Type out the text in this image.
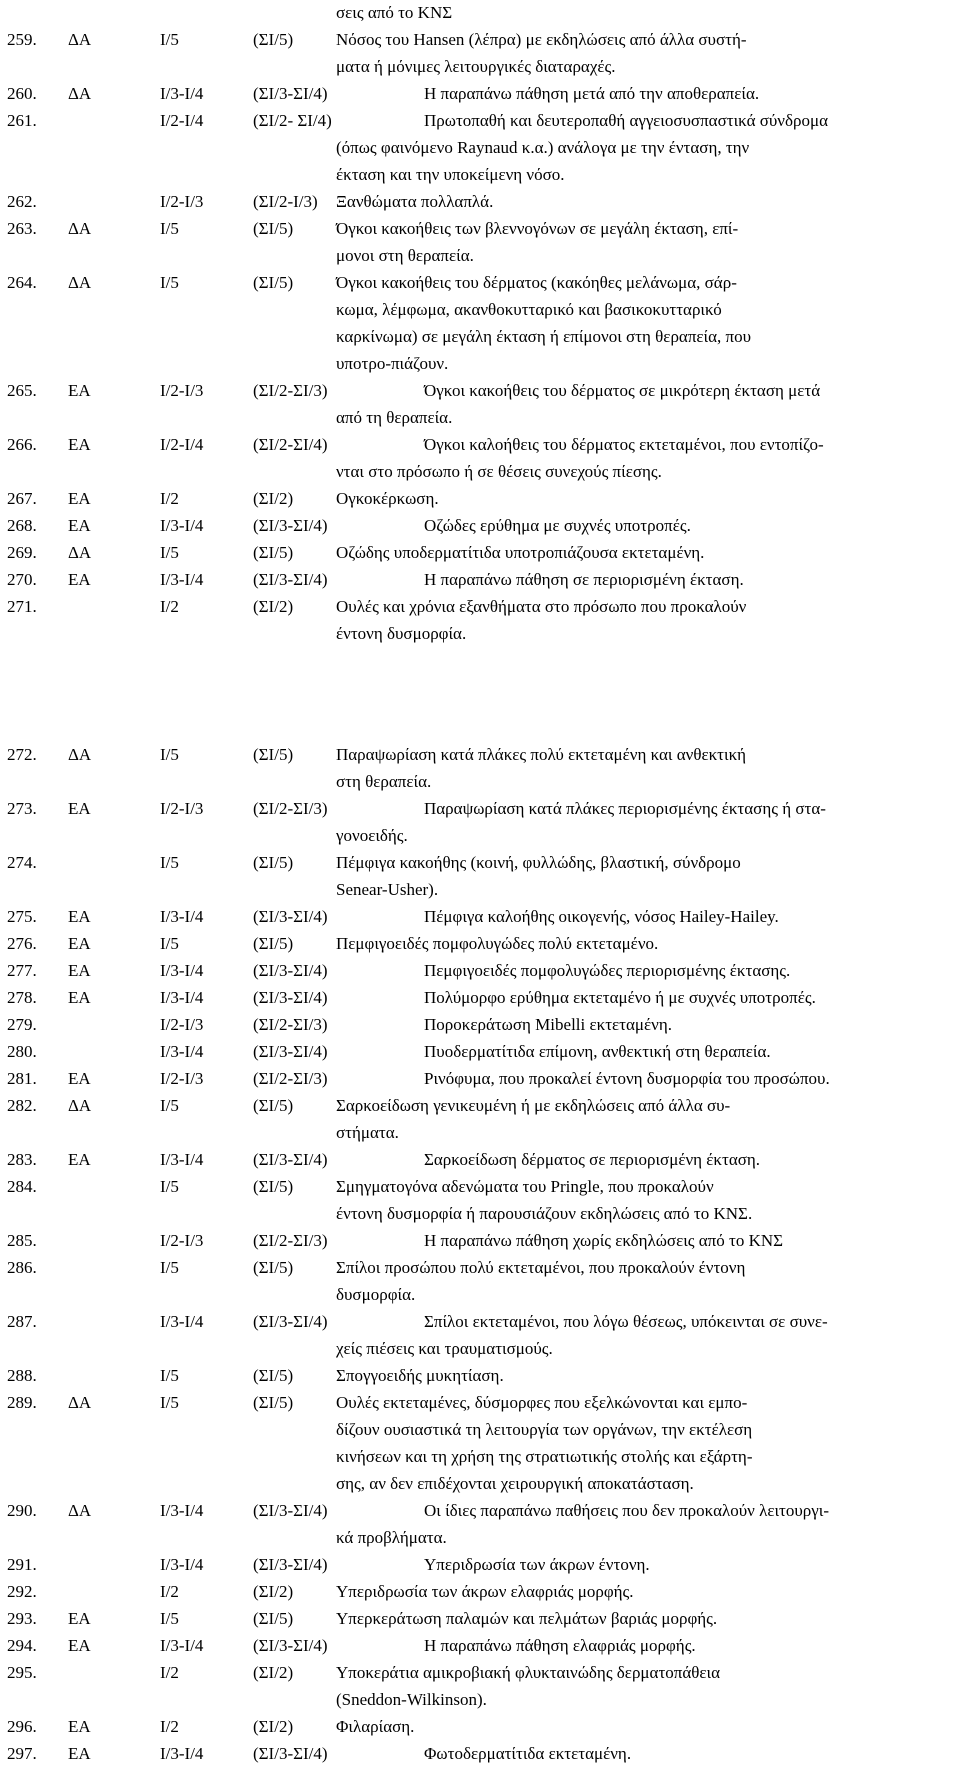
σεις από το ΚΝΣ
259. ΔΑ	Ι/5	(ΣΙ/5)	Νόσος του Hansen (λέπρα) με εκδηλώσεις από άλλα συστή-
ματα ή μόνιμες λειτουργικές διαταραχές.
260. ΔΑ	Ι/3-Ι/4	(ΣΙ/3-ΣΙ/4)	Η παραπάνω πάθηση μετά από την αποθεραπεία.
261.	Ι/2-Ι/4	(ΣΙ/2- ΣΙ/4)	Πρωτοπαθή και δευτεροπαθή αγγειοσυσπαστικά σύνδρομα
(όπως φαινόμενο Raynaud κ.α.) ανάλογα με την ένταση, την
έκταση και την υποκείμενη νόσο.
262.	Ι/2-Ι/3	(ΣΙ/2-Ι/3) Ξανθώματα πολλαπλά.
263. ΔΑ	Ι/5	(ΣΙ/5)	Όγκοι κακοήθεις των βλεννογόνων σε μεγάλη έκταση, επί-
μονοι στη θεραπεία.
264. ΔΑ	Ι/5	(ΣΙ/5)	Όγκοι κακοήθεις του δέρματος (κακόηθες μελάνωμα, σάρ-
κωμα, λέμφωμα, ακανθοκυτταρικό και βασικοκυτταρικό
καρκίνωμα) σε μεγάλη έκταση ή επίμονοι στη θεραπεία, που
υποτρο-πιάζουν.
265. ΕΑ	Ι/2-Ι/3	(ΣΙ/2-ΣΙ/3)	Όγκοι κακοήθεις του δέρματος σε μικρότερη έκταση μετά
από τη θεραπεία.
266. ΕΑ	Ι/2-Ι/4	(ΣΙ/2-ΣΙ/4)	Όγκοι καλοήθεις του δέρματος εκτεταμένοι, που εντοπίζο-
νται στο πρόσωπο ή σε θέσεις συνεχούς πίεσης.
267. ΕΑ	Ι/2	(ΣΙ/2)	Ογκοκέρκωση.
268. ΕΑ	Ι/3-Ι/4	(ΣΙ/3-ΣΙ/4)	Οζώδες ερύθημα με συχνές υποτροπές.
269. ΔΑ	Ι/5	(ΣΙ/5)	Οζώδης υποδερματίτιδα υποτροπιάζουσα εκτεταμένη.
270. ΕΑ	Ι/3-Ι/4	(ΣΙ/3-ΣΙ/4)	Η παραπάνω πάθηση σε περιορισμένη έκταση.
271.	Ι/2	(ΣΙ/2)	Ουλές και χρόνια εξανθήματα στο πρόσωπο που προκαλούν
έντονη δυσμορφία.
272. ΔΑ	Ι/5	(ΣΙ/5)	Παραψωρίαση κατά πλάκες πολύ εκτεταμένη και ανθεκτική
στη θεραπεία.
273. ΕΑ	Ι/2-Ι/3	(ΣΙ/2-ΣΙ/3)	Παραψωρίαση κατά πλάκες περιορισμένης έκτασης ή στα-
γονοειδής.
274.	Ι/5	(ΣΙ/5)	Πέμφιγα κακοήθης (κοινή, φυλλώδης, βλαστική, σύνδρομο
Senear-Usher).
275. ΕΑ	Ι/3-Ι/4	(ΣΙ/3-ΣΙ/4)	Πέμφιγα καλοήθης οικογενής, νόσος Hailey-Hailey.
276. ΕΑ	Ι/5	(ΣΙ/5)	Πεμφιγοειδές πομφολυγώδες πολύ εκτεταμένο.
277. ΕΑ	Ι/3-Ι/4	(ΣΙ/3-ΣΙ/4)	Πεμφιγοειδές πομφολυγώδες περιορισμένης έκτασης.
278. ΕΑ	Ι/3-Ι/4	(ΣΙ/3-ΣΙ/4)	Πολύμορφο ερύθημα εκτεταμένο ή με συχνές υποτροπές.
279.	Ι/2-Ι/3	(ΣΙ/2-ΣΙ/3)	Πορoκεράτωση Mibelli εκτεταμένη.
280.	Ι/3-Ι/4	(ΣΙ/3-ΣΙ/4)	Πυοδερματίτιδα επίμονη, ανθεκτική στη θεραπεία.
281. ΕΑ	Ι/2-Ι/3	(ΣΙ/2-ΣΙ/3)	Ρινόφυμα, που προκαλεί έντονη δυσμορφία του προσώπου.
282. ΔΑ	Ι/5	(ΣΙ/5)	Σαρκοείδωση γενικευμένη ή με εκδηλώσεις από άλλα συ-
στήματα.
283. ΕΑ	Ι/3-Ι/4	(ΣΙ/3-ΣΙ/4)	Σαρκοείδωση δέρματος σε περιορισμένη έκταση.
284.	Ι/5	(ΣΙ/5)	Σμηγματογόνα αδενώματα του Pringle, που προκαλούν
έντονη δυσμορφία ή παρουσιάζουν εκδηλώσεις από το ΚΝΣ.
285.	Ι/2-Ι/3	(ΣΙ/2-ΣΙ/3)	Η παραπάνω πάθηση χωρίς εκδηλώσεις από το ΚΝΣ
286.	Ι/5	(ΣΙ/5)	Σπίλοι προσώπου πολύ εκτεταμένοι, που προκαλούν έντονη
δυσμορφία.
287.	Ι/3-Ι/4	(ΣΙ/3-ΣΙ/4)	Σπίλοι εκτεταμένοι, που λόγω θέσεως, υπόκεινται σε συνε-
χείς πιέσεις και τραυματισμούς.
288.	Ι/5	(ΣΙ/5)	Σπογγοειδής μυκητίαση.
289. ΔΑ	Ι/5	(ΣΙ/5)	Ουλές εκτεταμένες, δύσμορφες που εξελκώνονται και εμπο-
δίζουν ουσιαστικά τη λειτουργία των οργάνων, την εκτέλεση
κινήσεων και τη χρήση της στρατιωτικής στολής και εξάρτη-
σης, αν δεν επιδέχονται χειρουργική αποκατάσταση.
290. ΔΑ	Ι/3-Ι/4	(ΣΙ/3-ΣΙ/4)	Οι ίδιες παραπάνω παθήσεις που δεν προκαλούν λειτουργι-
κά προβλήματα.
291.	Ι/3-Ι/4	(ΣΙ/3-ΣΙ/4)	Υπεριδρωσία των άκρων έντονη.
292.	Ι/2	(ΣΙ/2)	Υπεριδρωσία των άκρων ελαφριάς μορφής.
293. ΕΑ	Ι/5	(ΣΙ/5)	Υπερκεράτωση παλαμών και πελμάτων βαριάς μορφής.
294. ΕΑ	Ι/3-Ι/4	(ΣΙ/3-ΣΙ/4)	Η παραπάνω πάθηση ελαφριάς μορφής.
295.	Ι/2	(ΣΙ/2)	Υποκεράτια αμικροβιακή φλυκταινώδης δερματοπάθεια
(Sneddon-Wilkinson).
296. ΕΑ	Ι/2	(ΣΙ/2)	Φιλαρίαση.
297. ΕΑ	Ι/3-Ι/4	(ΣΙ/3-ΣΙ/4)	Φωτοδερματίτιδα εκτεταμένη.
